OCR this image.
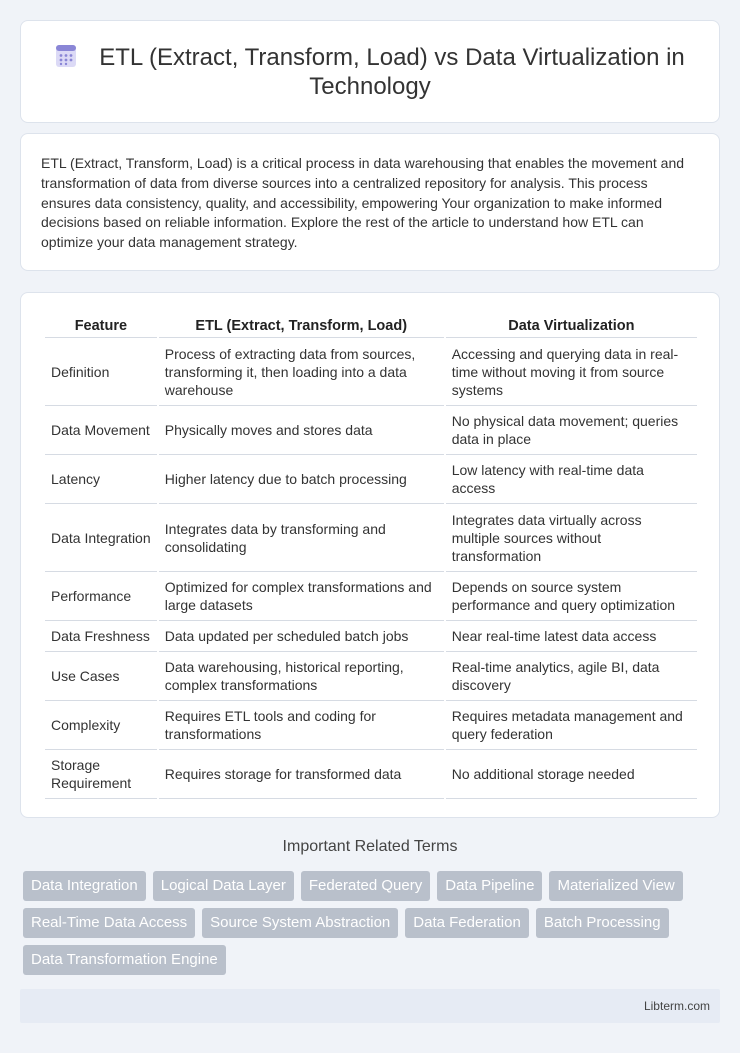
ETL (Extract, Transform, Load) vs Data Virtualization in Technology

ETL (Extract, Transform, Load) is a critical process in data warehousing that enables the movement and transformation of data from diverse sources into a centralized repository for analysis. This process ensures data consistency, quality, and accessibility, empowering Your organization to make informed decisions based on reliable information. Explore the rest of the article to understand how ETL can optimize your data management strategy.

Feature	ETL (Extract, Transform, Load)	Data Virtualization
Definition	Process of extracting data from sources, transforming it, then loading into a data warehouse	Accessing and querying data in real-time without moving it from source systems
Data Movement	Physically moves and stores data	No physical data movement; queries data in place
Latency	Higher latency due to batch processing	Low latency with real-time data access
Data Integration	Integrates data by transforming and consolidating	Integrates data virtually across multiple sources without transformation
Performance	Optimized for complex transformations and large datasets	Depends on source system performance and query optimization
Data Freshness	Data updated per scheduled batch jobs	Near real-time latest data access
Use Cases	Data warehousing, historical reporting, complex transformations	Real-time analytics, agile BI, data discovery
Complexity	Requires ETL tools and coding for transformations	Requires metadata management and query federation
Storage Requirement	Requires storage for transformed data	No additional storage needed
Important Related Terms
Data Integration	Logical Data Layer	Federated Query	Data Pipeline	Materialized View
Real-Time Data Access	Source System Abstraction	Data Federation	Batch Processing
Data Transformation Engine
Libterm.com
